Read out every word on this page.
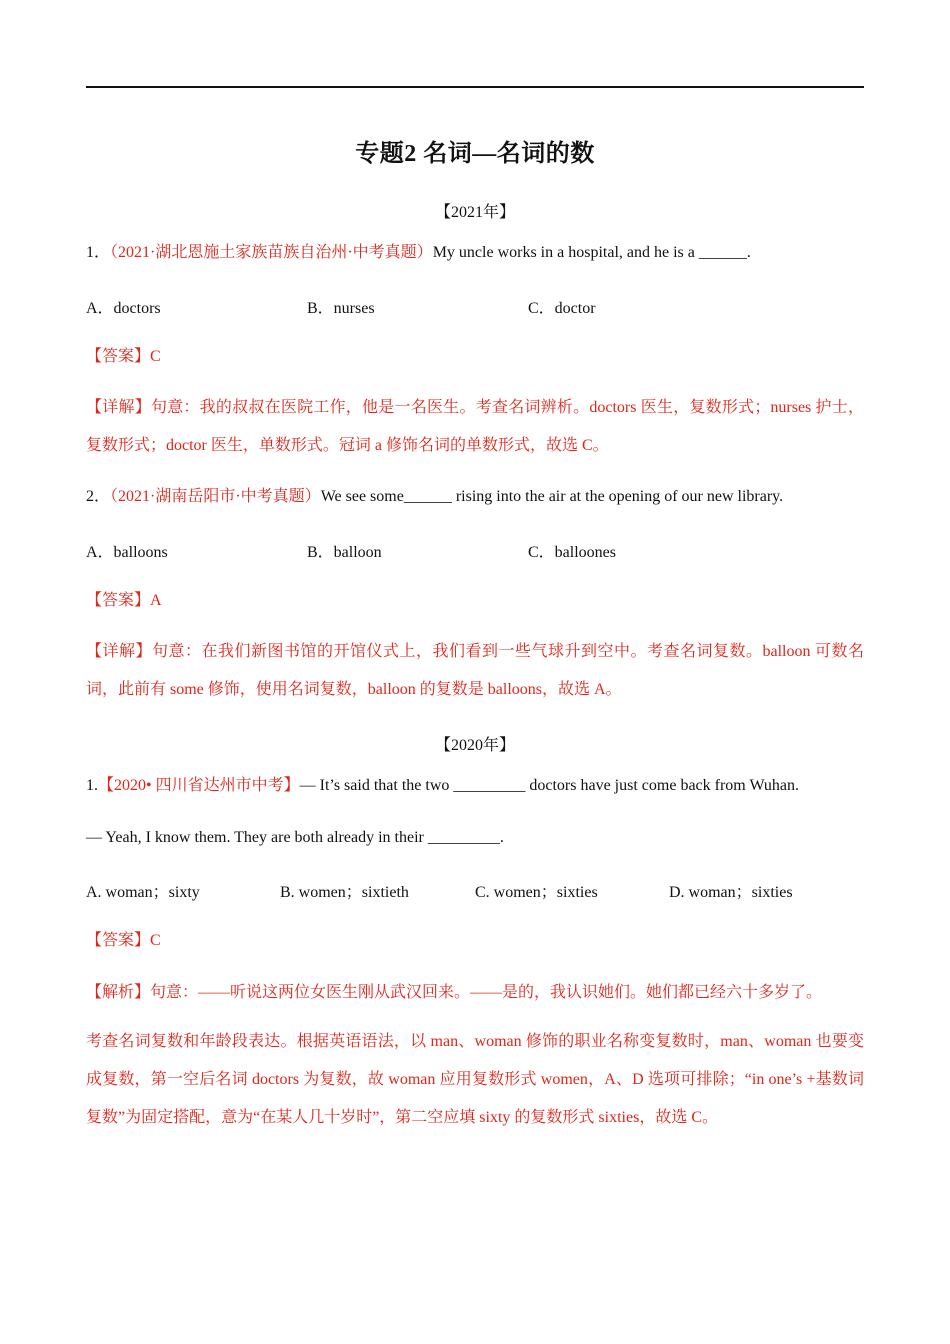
专题2 名词—名词的数
【2021年】
1．（2021·湖北恩施土家族苗族自治州·中考真题）My uncle works in a hospital, and he is a ______.
A．doctors	B．nurses	C．doctor
【答案】C
【详解】句意：我的叔叔在医院工作，他是一名医生。考查名词辨析。doctors 医生，复数形式；nurses 护士，复数形式；doctor 医生，单数形式。冠词 a 修饰名词的单数形式，故选 C。
2．（2021·湖南岳阳市·中考真题）We see some______ rising into the air at the opening of our new library.
A．balloons	B．balloon	C．balloones
【答案】A
【详解】句意：在我们新图书馆的开馆仪式上，我们看到一些气球升到空中。考查名词复数。balloon 可数名词，此前有 some 修饰，使用名词复数，balloon 的复数是 balloons，故选 A。
【2020年】
1.【2020• 四川省达州市中考】— It’s said that the two _________ doctors have just come back from Wuhan.
— Yeah, I know them. They are both already in their _________.
A. woman；sixty	B. women；sixtieth	C. women；sixties	D. woman；sixties
【答案】C
【解析】句意：——听说这两位女医生刚从武汉回来。——是的，我认识她们。她们都已经六十多岁了。
考查名词复数和年龄段表达。根据英语语法，以 man、woman 修饰的职业名称变复数时，man、woman 也要变成复数，第一空后名词 doctors 为复数，故 woman 应用复数形式 women，A、D 选项可排除；“in one’s +基数词复数”为固定搭配，意为“在某人几十岁时”，第二空应填 sixty 的复数形式 sixties，故选 C。
